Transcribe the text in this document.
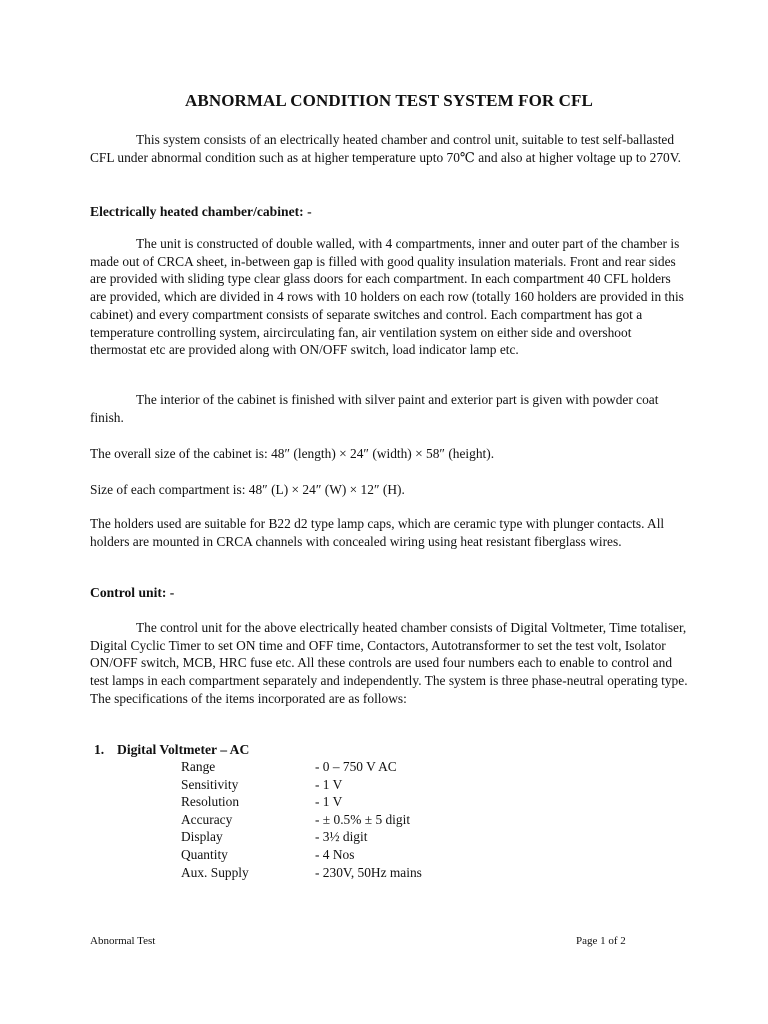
ABNORMAL CONDITION TEST SYSTEM FOR CFL

This system consists of an electrically heated chamber and control unit, suitable to test self-ballasted CFL under abnormal condition such as at higher temperature upto 70℃ and also at higher voltage up to 270V.

Electrically heated chamber/cabinet: -

The unit is constructed of double walled, with 4 compartments, inner and outer part of the chamber is made out of CRCA sheet, in-between gap is filled with good quality insulation materials. Front and rear sides are provided with sliding type clear glass doors for each compartment. In each compartment 40 CFL holders are provided, which are divided in 4 rows with 10 holders on each row (totally 160 holders are provided in this cabinet) and every compartment consists of separate switches and control. Each compartment has got a temperature controlling system, aircirculating fan, air ventilation system on either side and overshoot thermostat etc are provided along with ON/OFF switch, load indicator lamp etc.

The interior of the cabinet is finished with silver paint and exterior part is given with powder coat finish.

The overall size of the cabinet is: 48″ (length) × 24″ (width) × 58″ (height).

Size of each compartment is: 48″ (L) × 24″ (W) × 12″ (H).

The holders used are suitable for B22 d2 type lamp caps, which are ceramic type with plunger contacts. All holders are mounted in CRCA channels with concealed wiring using heat resistant fiberglass wires.

Control unit: -

The control unit for the above electrically heated chamber consists of Digital Voltmeter, Time totaliser, Digital Cyclic Timer to set ON time and OFF time, Contactors, Autotransformer to set the test volt, Isolator ON/OFF switch, MCB, HRC fuse etc. All these controls are used four numbers each to enable to control and test lamps in each compartment separately and independently. The system is three phase-neutral operating type. The specifications of the items incorporated are as follows:

1. Digital Voltmeter – AC
Range	- 0 – 750 V AC
Sensitivity	- 1 V
Resolution	- 1 V
Accuracy	- ± 0.5% ± 5 digit
Display	- 3½ digit
Quantity	- 4 Nos
Aux. Supply	- 230V, 50Hz mains
Abnormal Test	Page 1 of 2
